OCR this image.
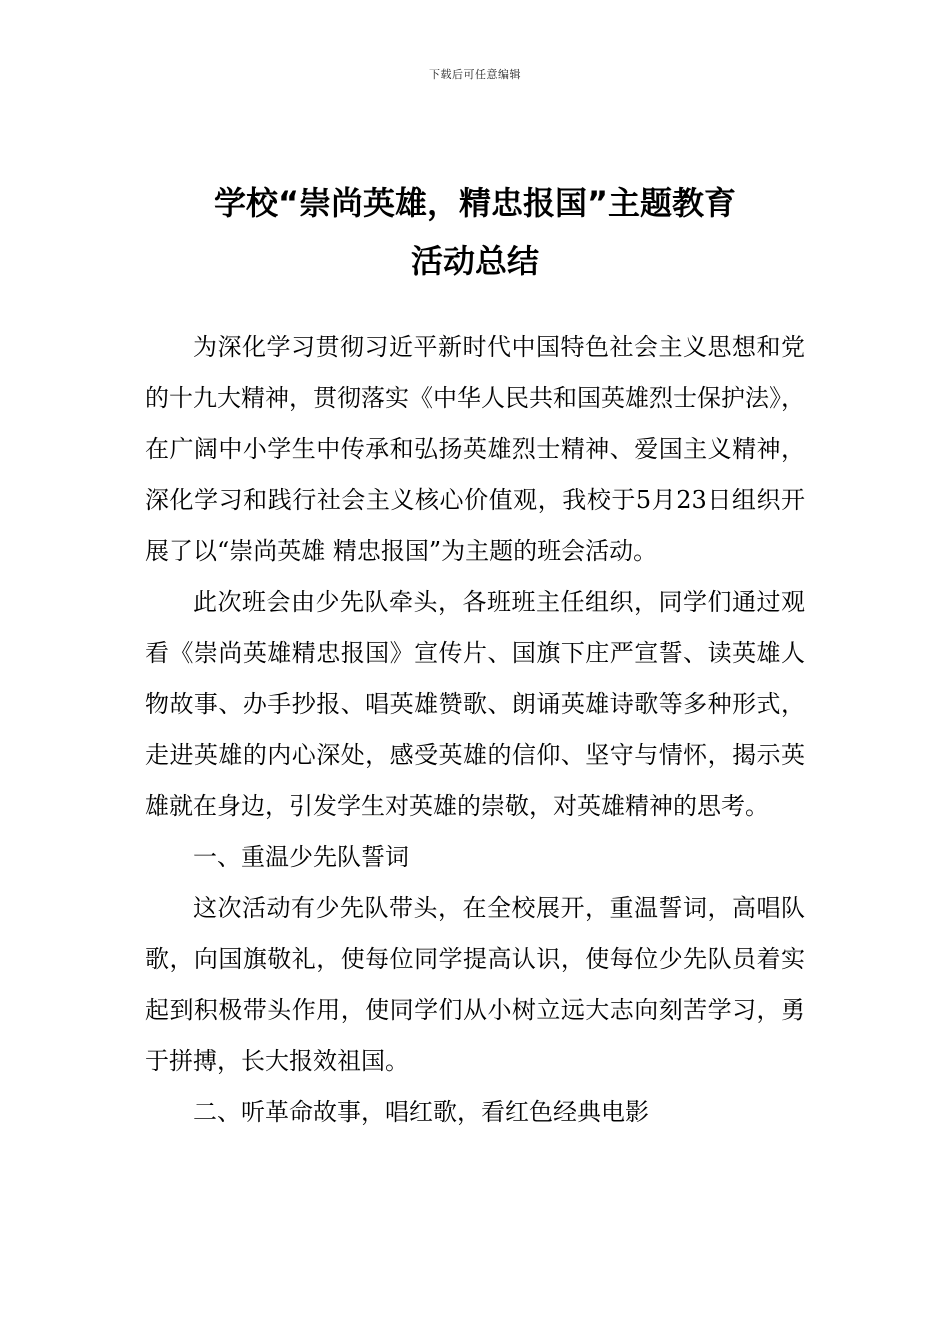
下载后可任意编辑
学校“崇尚英雄，精忠报国”主题教育
活动总结

为深化学习贯彻习近平新时代中国特色社会主义思想和党的十九大精神，贯彻落实《中华人民共和国英雄烈士保护法》，在广阔中小学生中传承和弘扬英雄烈士精神、爱国主义精神，深化学习和践行社会主义核心价值观，我校于5月23日组织开展了以“崇尚英雄 精忠报国”为主题的班会活动。

此次班会由少先队牵头，各班班主任组织，同学们通过观看《崇尚英雄精忠报国》宣传片、国旗下庄严宣誓、读英雄人物故事、办手抄报、唱英雄赞歌、朗诵英雄诗歌等多种形式，走进英雄的内心深处，感受英雄的信仰、坚守与情怀，揭示英雄就在身边，引发学生对英雄的崇敬，对英雄精神的思考。

一、重温少先队誓词

这次活动有少先队带头，在全校展开，重温誓词，高唱队歌，向国旗敬礼，使每位同学提高认识，使每位少先队员着实起到积极带头作用，使同学们从小树立远大志向刻苦学习，勇于拼搏，长大报效祖国。

二、听革命故事，唱红歌，看红色经典电影
